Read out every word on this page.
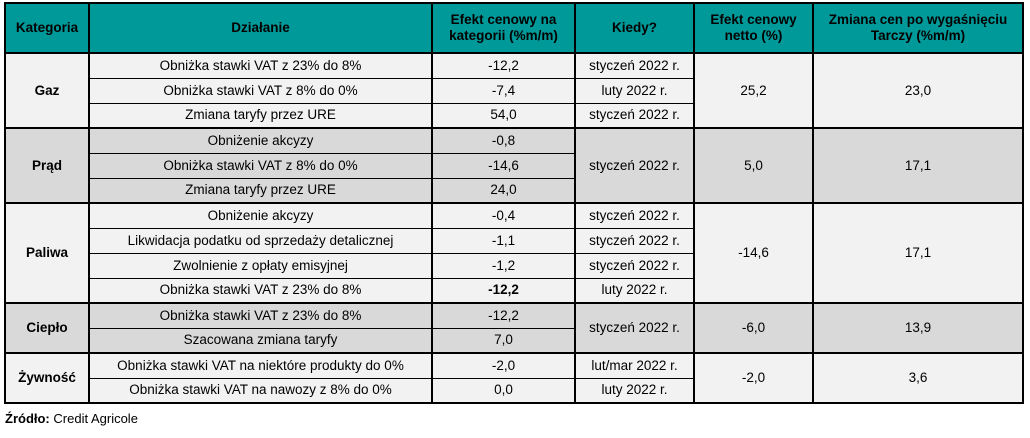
Kategoria	Działanie	Efekt cenowy na kategorii (%m/m)	Kiedy?	Efekt cenowy netto (%)	Zmiana cen po wygaśnięciu Tarczy (%m/m)
Gaz	Obniżka stawki VAT z 23% do 8%	-12,2	styczeń 2022 r.	25,2	23,0
	Obniżka stawki VAT z 8% do 0%	-7,4	luty 2022 r.		
	Zmiana taryfy przez URE	54,0	styczeń 2022 r.		
Prąd	Obniżenie akcyzy	-0,8	styczeń 2022 r.	5,0	17,1
	Obniżka stawki VAT z 8% do 0%	-14,6			
	Zmiana taryfy przez URE	24,0			
Paliwa	Obniżenie akcyzy	-0,4	styczeń 2022 r.	-14,6	17,1
	Likwidacja podatku od sprzedaży detalicznej	-1,1	styczeń 2022 r.		
	Zwolnienie z opłaty emisyjnej	-1,2	styczeń 2022 r.		
	Obniżka stawki VAT z 23% do 8%	-12,2	luty 2022 r.		
Ciepło	Obniżka stawki VAT z 23% do 8%	-12,2	styczeń 2022 r.	-6,0	13,9
	Szacowana zmiana taryfy	7,0			
Żywność	Obniżka stawki VAT na niektóre produkty do 0%	-2,0	lut/mar 2022 r.	-2,0	3,6
	Obniżka stawki VAT na nawozy z 8% do 0%	0,0	luty 2022 r.		
Źródło: Credit Agricole
